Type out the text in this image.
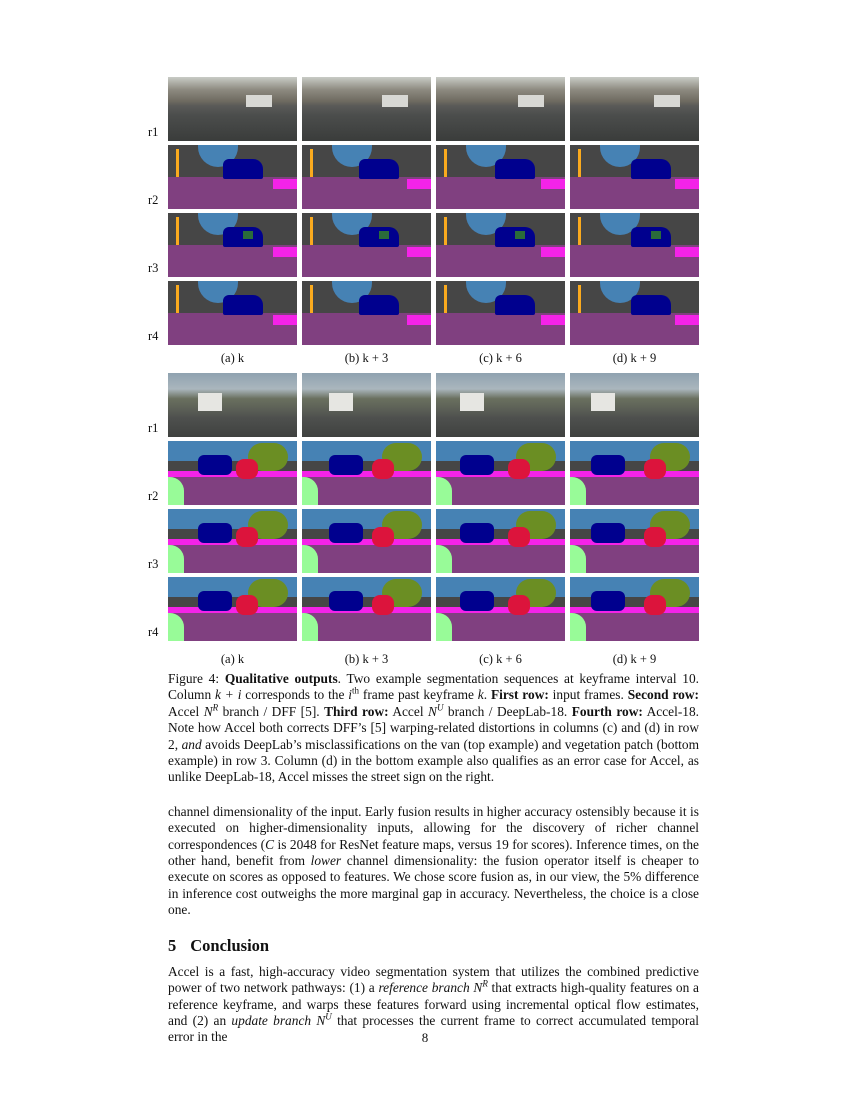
r1
r2
r3
r4
(a) k	(b) k + 3	(c) k + 6	(d) k + 9
r1
r2
r3
r4
(a) k	(b) k + 3	(c) k + 6	(d) k + 9

Figure 4: Qualitative outputs. Two example segmentation sequences at keyframe interval 10. Column k + i corresponds to the $i^{th}$ frame past keyframe k. First row: input frames. Second row: Accel $N^R$ branch / DFF [5]. Third row: Accel $N^U$ branch / DeepLab-18. Fourth row: Accel-18. Note how Accel both corrects DFF’s [5] warping-related distortions in columns (c) and (d) in row 2, and avoids DeepLab’s misclassifications on the van (top example) and vegetation patch (bottom example) in row 3. Column (d) in the bottom example also qualifies as an error case for Accel, as unlike DeepLab-18, Accel misses the street sign on the right.

channel dimensionality of the input. Early fusion results in higher accuracy ostensibly because it is executed on higher-dimensionality inputs, allowing for the discovery of richer channel correspondences (C is 2048 for ResNet feature maps, versus 19 for scores). Inference times, on the other hand, benefit from lower channel dimensionality: the fusion operator itself is cheaper to execute on scores as opposed to features. We chose score fusion as, in our view, the 5% difference in inference cost outweighs the more marginal gap in accuracy. Nevertheless, the choice is a close one.

5 Conclusion

Accel is a fast, high-accuracy video segmentation system that utilizes the combined predictive power of two network pathways: (1) a reference branch $N^R$ that extracts high-quality features on a reference keyframe, and warps these features forward using incremental optical flow estimates, and (2) an update branch $N^U$ that processes the current frame to correct accumulated temporal error in the	8
